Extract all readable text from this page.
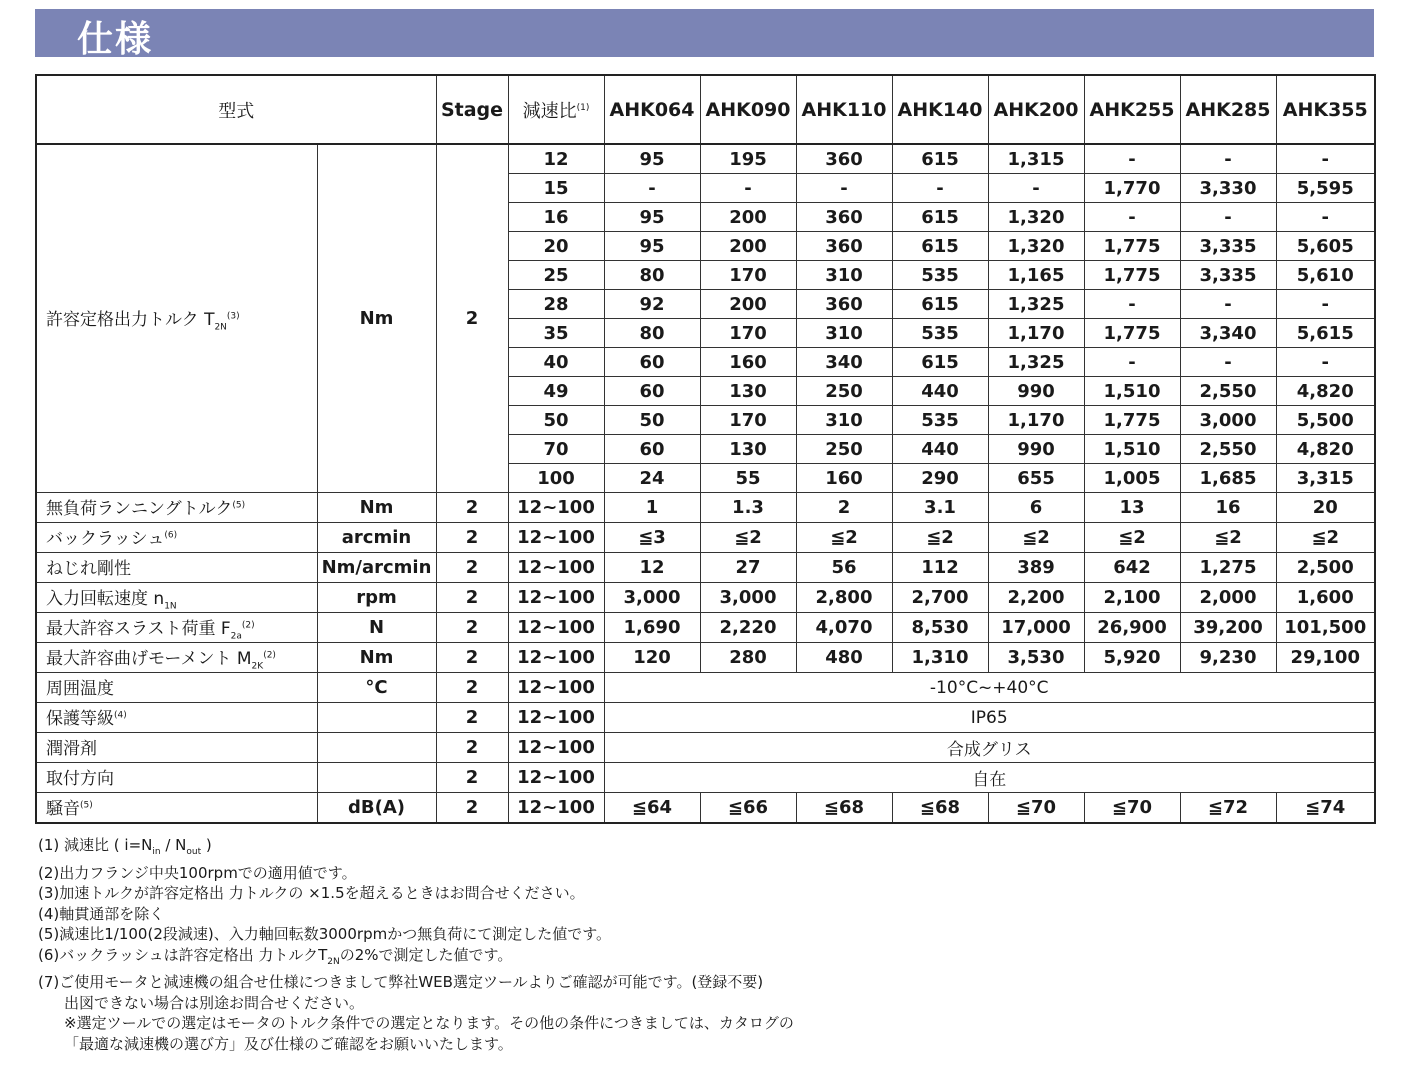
仕様
型式		Stage	減速比$^{(1)}$	AHK064	AHK090	AHK110	AHK140	AHK200	AHK255	AHK285	AHK355
許容定格出力トルク $T_{2N}^{(3)}$	Nm	2	12	95	195	360	615	1,315	-	-	-
			15	-	-	-	-	-	1,770	3,330	5,595
			16	95	200	360	615	1,320	-	-	-
			20	95	200	360	615	1,320	1,775	3,335	5,605
			25	80	170	310	535	1,165	1,775	3,335	5,610
			28	92	200	360	615	1,325	-	-	-
			35	80	170	310	535	1,170	1,775	3,340	5,615
			40	60	160	340	615	1,325	-	-	-
			49	60	130	250	440	990	1,510	2,550	4,820
			50	50	170	310	535	1,170	1,775	3,000	5,500
			70	60	130	250	440	990	1,510	2,550	4,820
			100	24	55	160	290	655	1,005	1,685	3,315
無負荷ランニングトルク$^{(5)}$	Nm	2	12~100	1	1.3	2	3.1	6	13	16	20
バックラッシュ$^{(6)}$	arcmin	2	12~100	≦3	≦2	≦2	≦2	≦2	≦2	≦2	≦2
ねじれ剛性	Nm/arcmin	2	12~100	12	27	56	112	389	642	1,275	2,500
入力回転速度 $n_{1N}$	rpm	2	12~100	3,000	3,000	2,800	2,700	2,200	2,100	2,000	1,600
最大許容スラスト荷重 $F_{2a}^{(2)}$	N	2	12~100	1,690	2,220	4,070	8,530	17,000	26,900	39,200	101,500
最大許容曲げモーメント $M_{2K}^{(2)}$	Nm	2	12~100	120	280	480	1,310	3,530	5,920	9,230	29,100
周囲温度	°C	2	12~100	-10°C~+40°C							
保護等級$^{(4)}$		2	12~100	IP65							
潤滑剤		2	12~100	合成グリス							
取付方向		2	12~100	自在							
騒音$^{(5)}$	dB(A)	2	12~100	≦64	≦66	≦68	≦68	≦70	≦70	≦72	≦74
(1) 減速比 ( $i=N_{in} / N_{out}$ )
(2)出力フランジ中央100rpmでの適用値です。
(3)加速トルクが許容定格出 力トルクの ×1.5を超えるときはお問合せください。
(4)軸貫通部を除く
(5)減速比1/100(2段減速)、入力軸回転数3000rpmかつ無負荷にて測定した値です。
(6)バックラッシュは許容定格出 力トルク$T_{2N}$の2%で測定した値です。
(7)ご使用モータと減速機の組合せ仕様につきまして弊社WEB選定ツールよりご確認が可能です。(登録不要)
出図できない場合は別途お問合せください。
※選定ツールでの選定はモータのトルク条件での選定となります。その他の条件につきましては、カタログの
「最適な減速機の選び方」及び仕様のご確認をお願いいたします。
